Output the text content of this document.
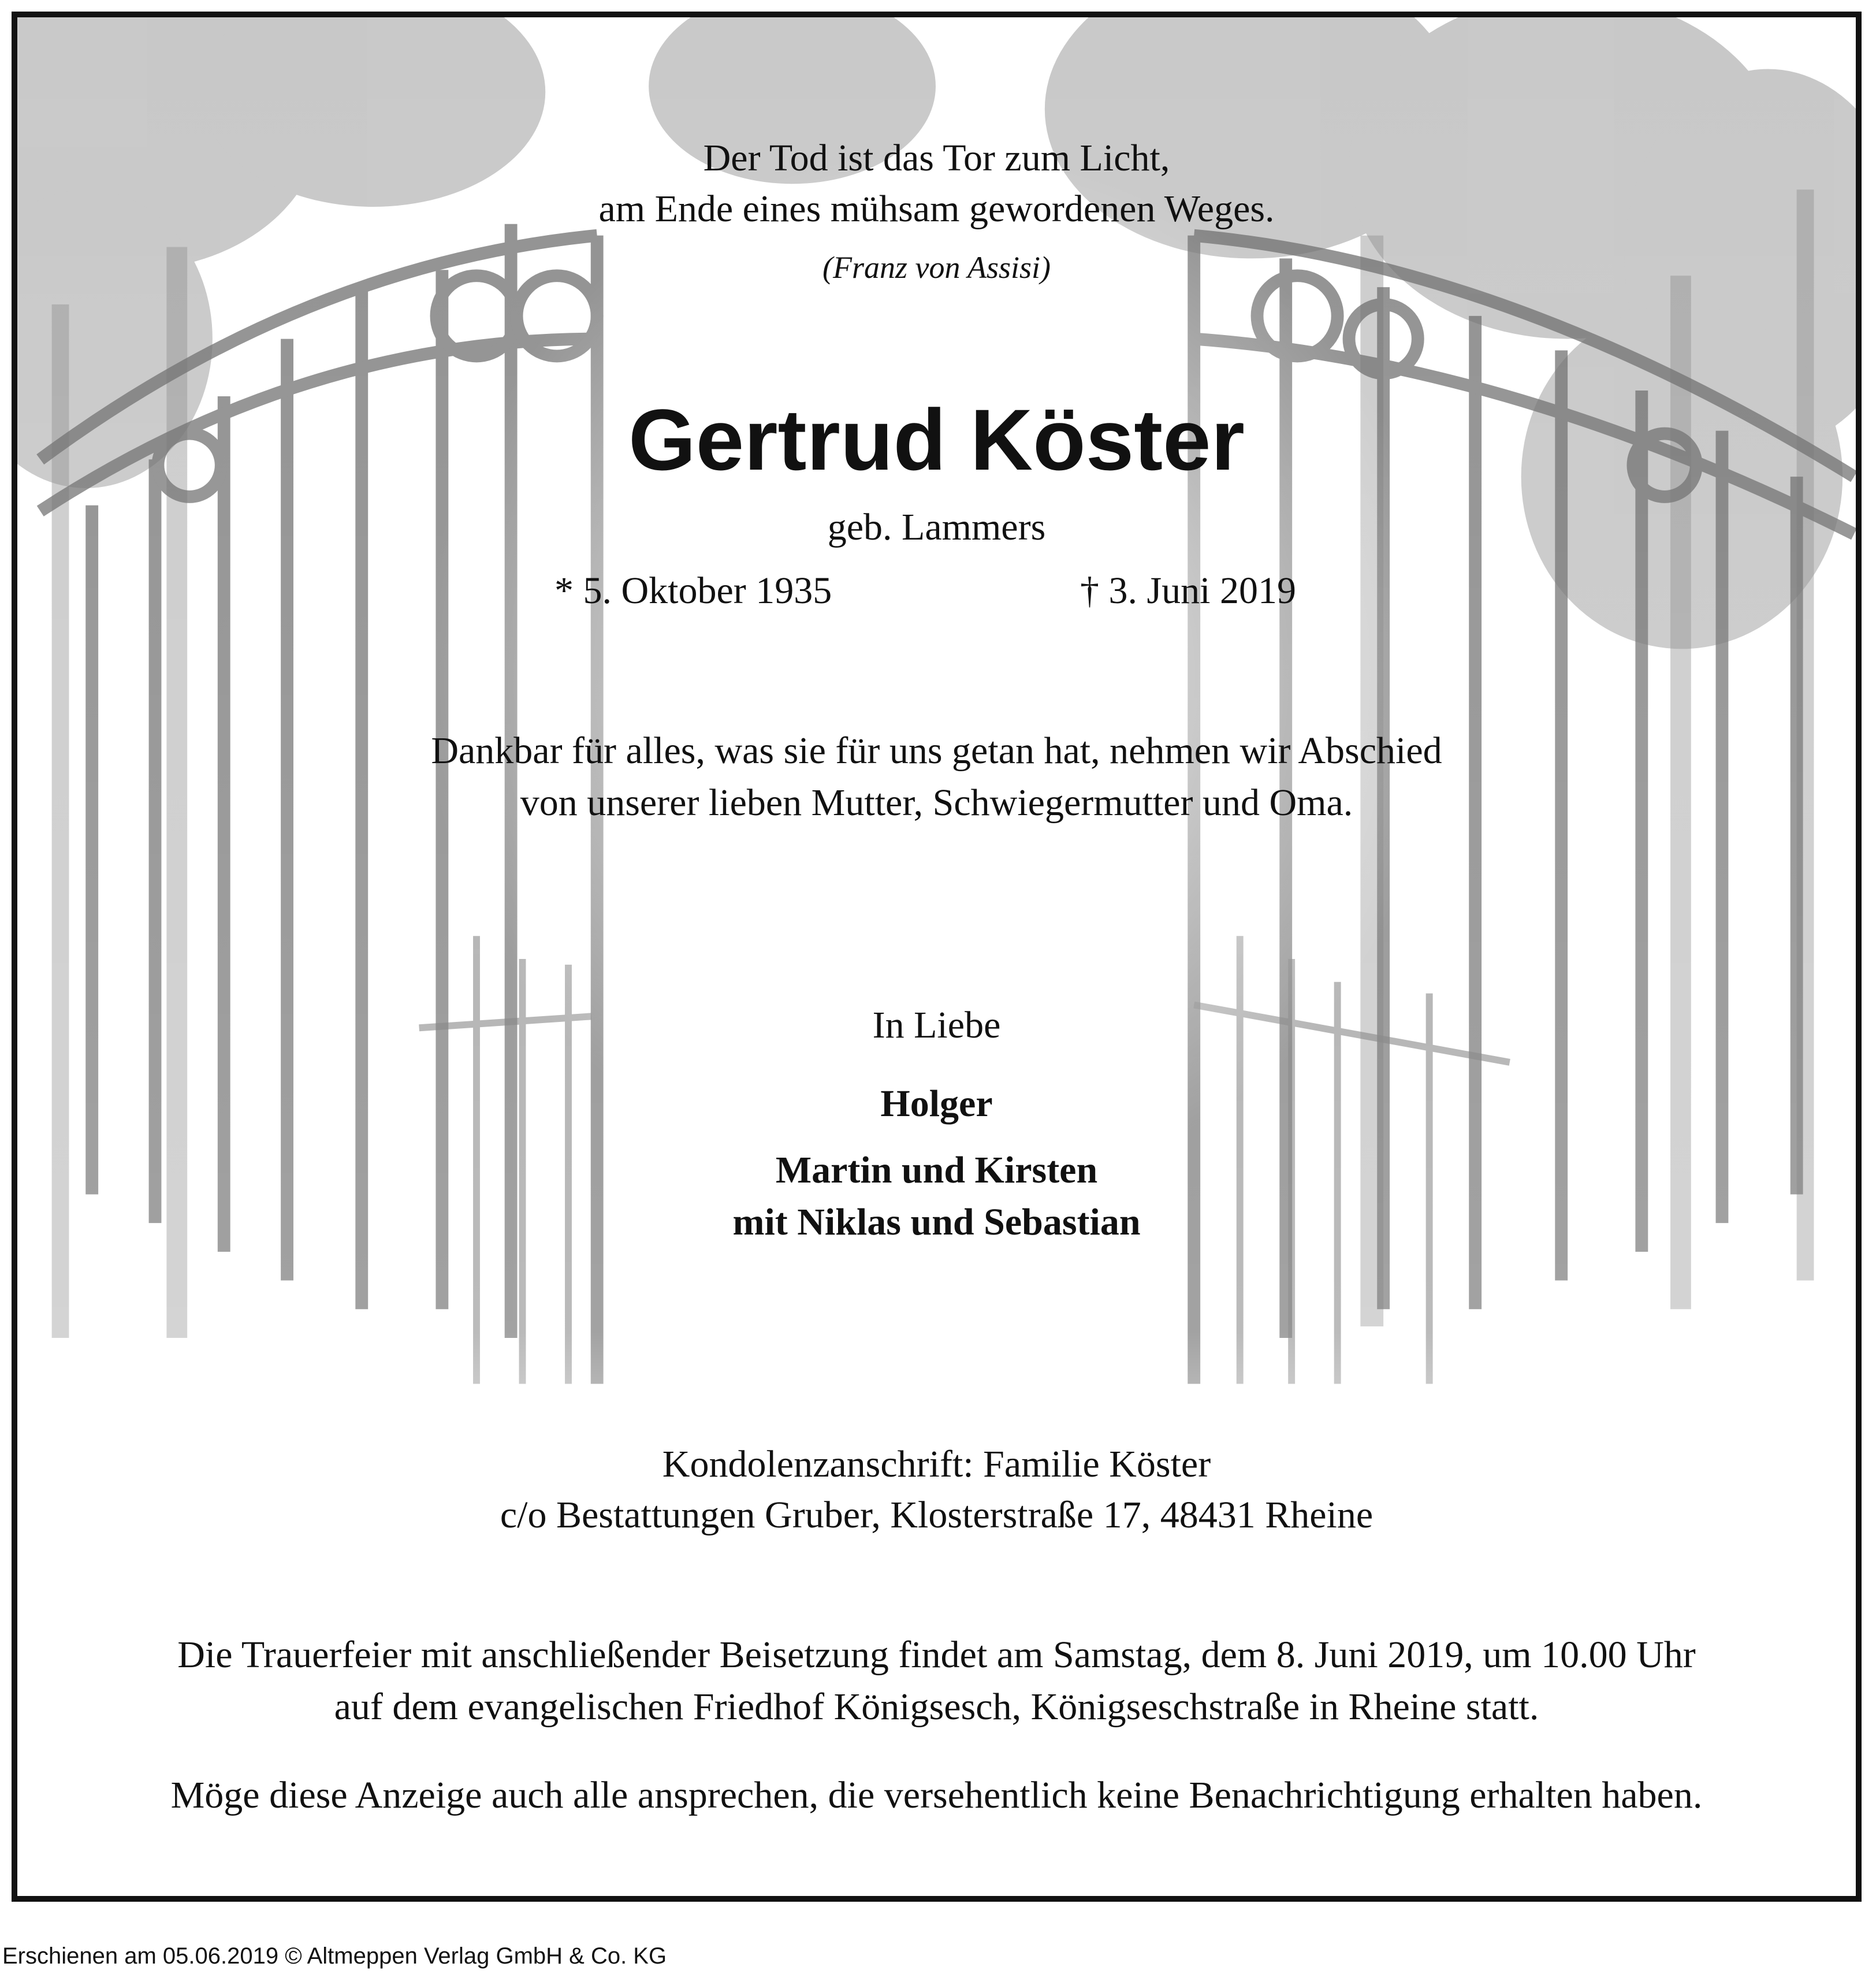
Der Tod ist das Tor zum Licht,
am Ende eines mühsam gewordenen Weges.
(Franz von Assisi)
Gertrud Köster
geb. Lammers
* 5. Oktober 1935	† 3. Juni 2019
Dankbar für alles, was sie für uns getan hat, nehmen wir Abschied
von unserer lieben Mutter, Schwiegermutter und Oma.
In Liebe
Holger
Martin und Kirsten
mit Niklas und Sebastian
Kondolenzanschrift: Familie Köster
c/o Bestattungen Gruber, Klosterstraße 17, 48431 Rheine
Die Trauerfeier mit anschließender Beisetzung findet am Samstag, dem 8. Juni 2019, um 10.00 Uhr
auf dem evangelischen Friedhof Königsesch, Königseschstraße in Rheine statt.
Möge diese Anzeige auch alle ansprechen, die versehentlich keine Benachrichtigung erhalten haben.
Erschienen am 05.06.2019 © Altmeppen Verlag GmbH & Co. KG
